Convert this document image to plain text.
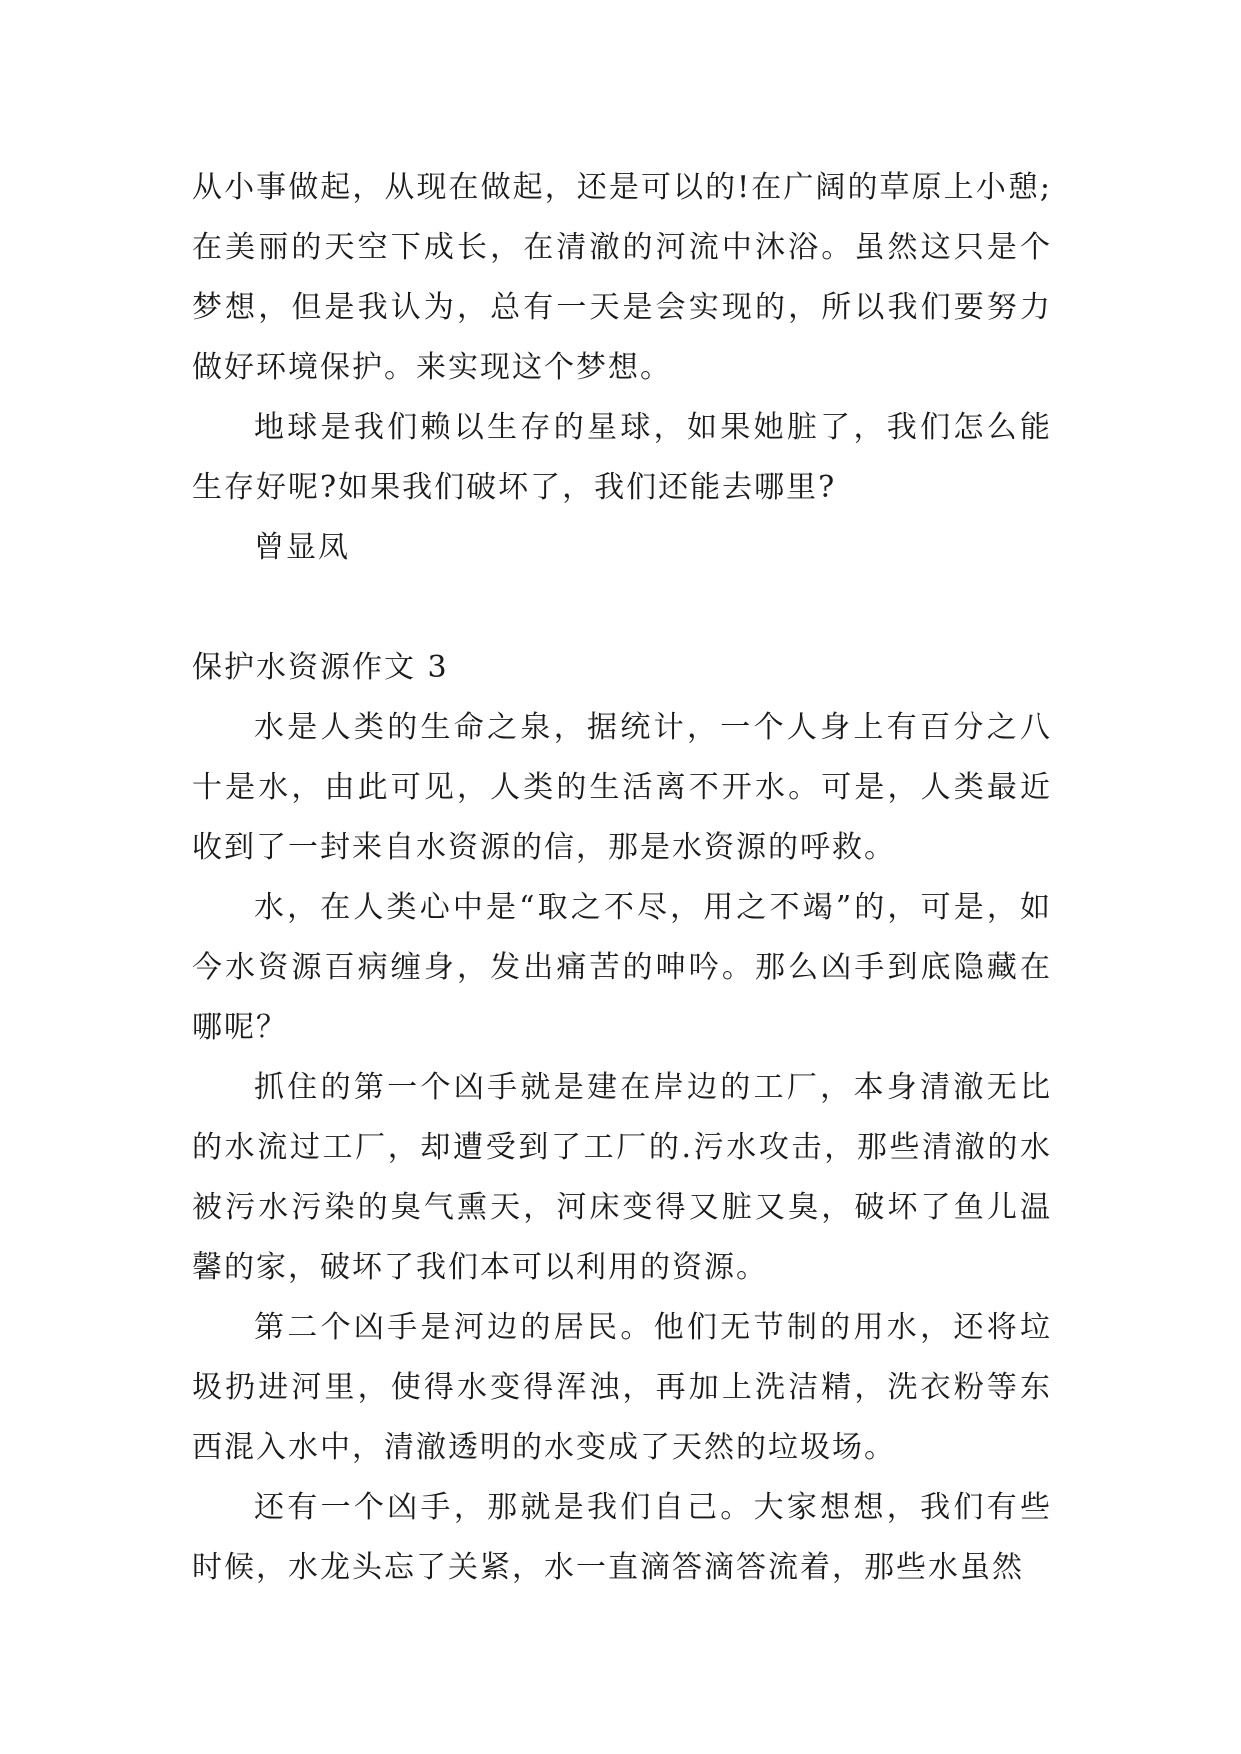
从小事做起，从现在做起，还是可以的!在广阔的草原上小憩;在美丽的天空下成长，在清澈的河流中沐浴。虽然这只是个梦想，但是我认为，总有一天是会实现的，所以我们要努力做好环境保护。来实现这个梦想。

地球是我们赖以生存的星球，如果她脏了，我们怎么能生存好呢?如果我们破坏了，我们还能去哪里?

曾显凤

保护水资源作文 3

水是人类的生命之泉，据统计，一个人身上有百分之八十是水，由此可见，人类的生活离不开水。可是，人类最近收到了一封来自水资源的信，那是水资源的呼救。

水，在人类心中是“取之不尽，用之不竭”的，可是，如今水资源百病缠身，发出痛苦的呻吟。那么凶手到底隐藏在哪呢？

抓住的第一个凶手就是建在岸边的工厂，本身清澈无比的水流过工厂，却遭受到了工厂的.污水攻击，那些清澈的水被污水污染的臭气熏天，河床变得又脏又臭，破坏了鱼儿温馨的家，破坏了我们本可以利用的资源。

第二个凶手是河边的居民。他们无节制的用水，还将垃圾扔进河里，使得水变得浑浊，再加上洗洁精，洗衣粉等东西混入水中，清澈透明的水变成了天然的垃圾场。

还有一个凶手，那就是我们自己。大家想想，我们有些时候，水龙头忘了关紧，水一直滴答滴答流着，那些水虽然
